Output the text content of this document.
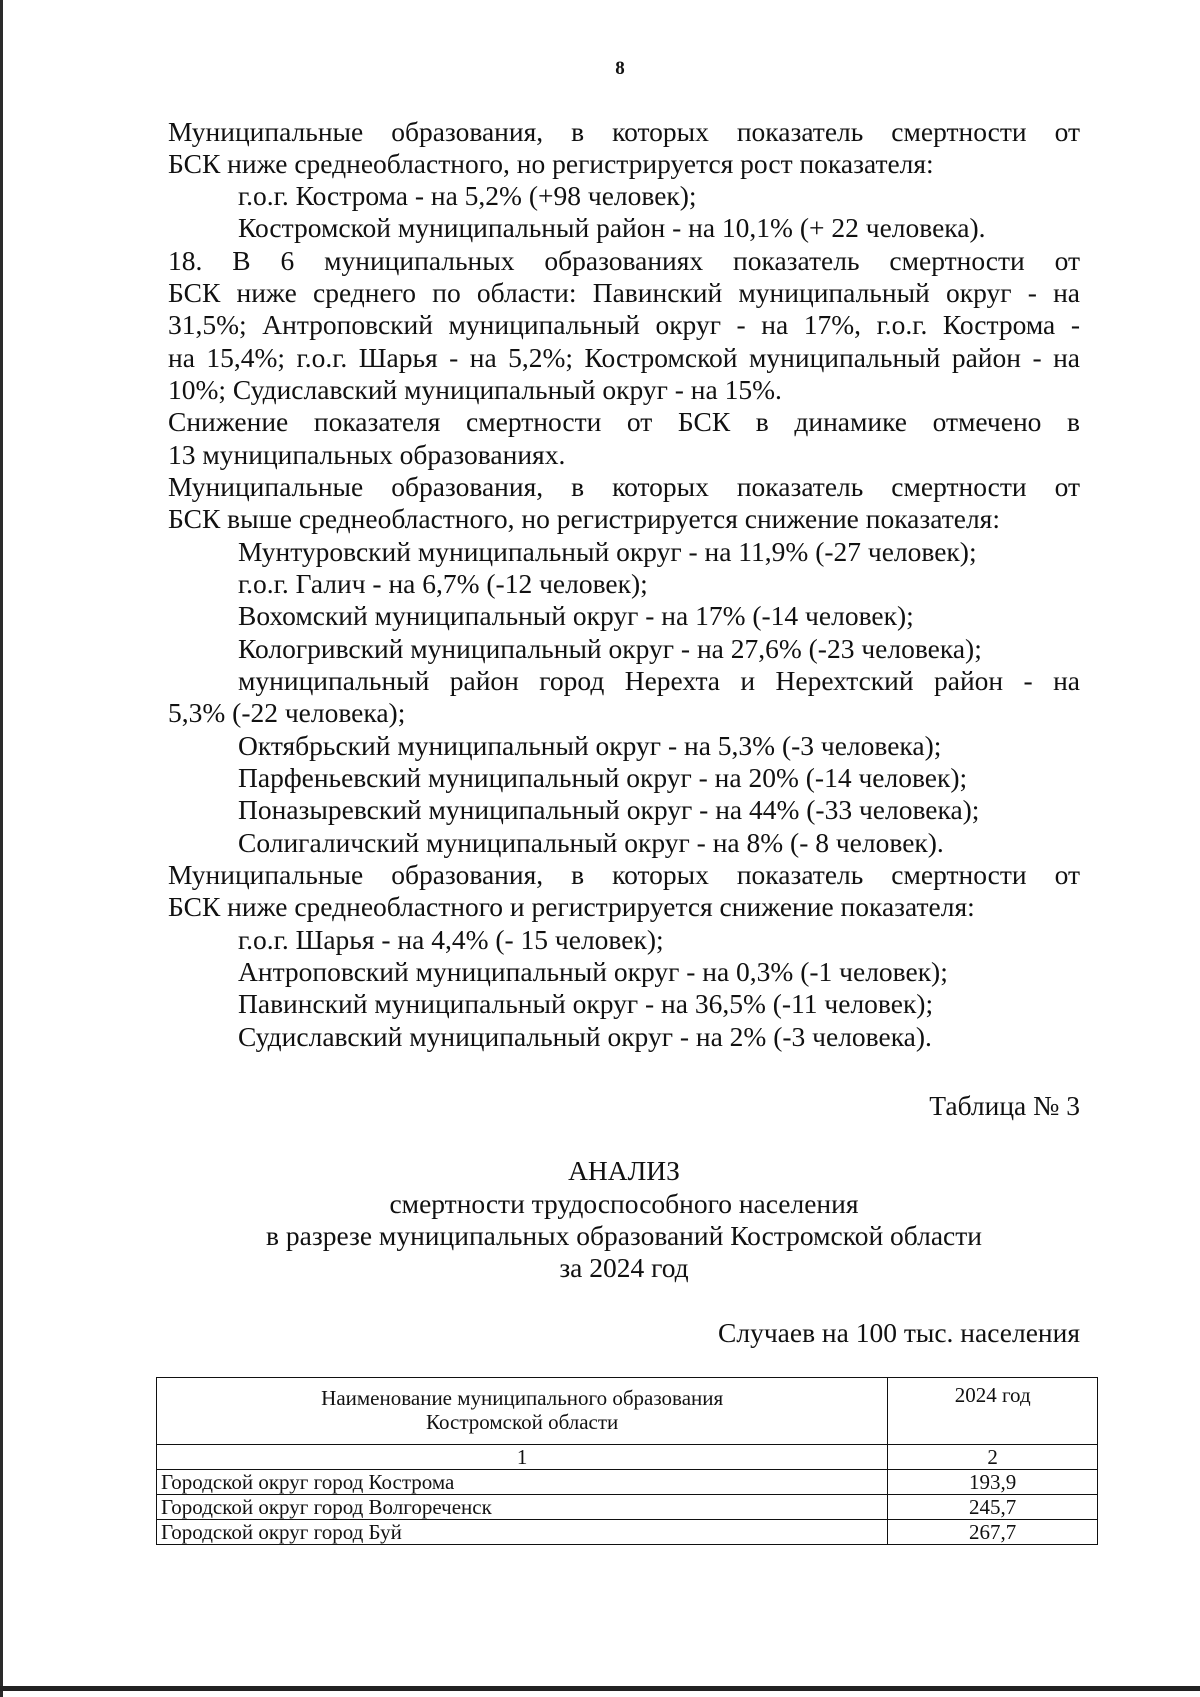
8
Муниципальные образования, в которых показатель смертности от
БСК ниже среднеобластного, но регистрируется рост показателя:
г.о.г. Кострома - на 5,2% (+98 человек);
Костромской муниципальный район - на 10,1% (+ 22 человека).
18. В 6 муниципальных образованиях показатель смертности от
БСК ниже среднего по области: Павинский муниципальный округ - на
31,5%; Антроповский муниципальный округ - на 17%, г.о.г. Кострома -
на 15,4%; г.о.г. Шарья - на 5,2%; Костромской муниципальный район - на
10%; Судиславский муниципальный округ - на 15%.
Снижение показателя смертности от БСК в динамике отмечено в
13 муниципальных образованиях.
Муниципальные образования, в которых показатель смертности от
БСК выше среднеобластного, но регистрируется снижение показателя:
Мунтуровский муниципальный округ - на 11,9% (-27 человек);
г.о.г. Галич - на 6,7% (-12 человек);
Вохомский муниципальный округ - на 17% (-14 человек);
Кологривский муниципальный округ - на 27,6% (-23 человека);
муниципальный район город Нерехта и Нерехтский район - на
5,3% (-22 человека);
Октябрьский муниципальный округ - на 5,3% (-3 человека);
Парфеньевский муниципальный округ - на 20% (-14 человек);
Поназыревский муниципальный округ - на 44% (-33 человека);
Солигаличский муниципальный округ - на 8% (- 8 человек).
Муниципальные образования, в которых показатель смертности от
БСК ниже среднеобластного и регистрируется снижение показателя:
г.о.г. Шарья - на 4,4% (- 15 человек);
Антроповский муниципальный округ - на 0,3% (-1 человек);
Павинский муниципальный округ - на 36,5% (-11 человек);
Судиславский муниципальный округ - на 2% (-3 человека).
Таблица № 3
АНАЛИЗ
смертности трудоспособного населения
в разрезе муниципальных образований Костромской области
за 2024 год
Случаев на 100 тыс. населения
Наименование муниципального образования
Костромской области	2024 год
1	2
Городской округ город Кострома	193,9
Городской округ город Волгореченск	245,7
Городской округ город Буй	267,7
